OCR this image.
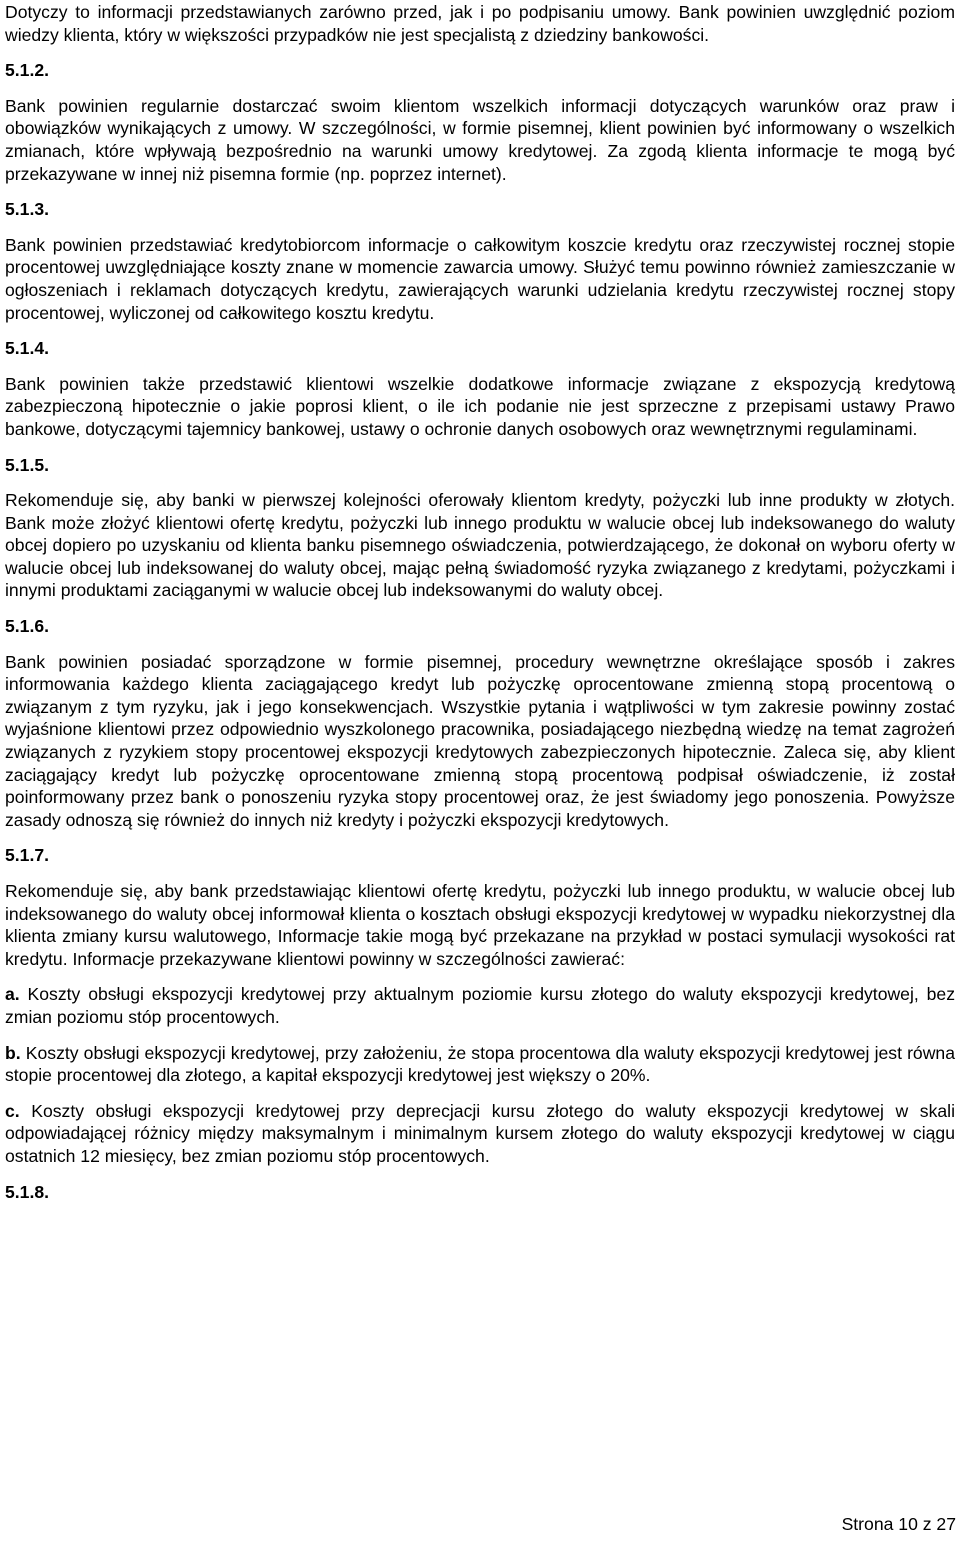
Dotyczy to informacji przedstawianych zarówno przed, jak i po podpisaniu umowy. Bank powinien uwzględnić poziom wiedzy klienta, który w większości przypadków nie jest specjalistą z dziedziny bankowości.

5.1.2.

Bank powinien regularnie dostarczać swoim klientom wszelkich informacji dotyczących warunków oraz praw i obowiązków wynikających z umowy. W szczególności, w formie pisemnej, klient powinien być informowany o wszelkich zmianach, które wpływają bezpośrednio na warunki umowy kredytowej. Za zgodą klienta informacje te mogą być przekazywane w innej niż pisemna formie (np. poprzez internet).

5.1.3.

Bank powinien przedstawiać kredytobiorcom informacje o całkowitym koszcie kredytu oraz rzeczywistej rocznej stopie procentowej uwzględniające koszty znane w momencie zawarcia umowy. Służyć temu powinno również zamieszczanie w ogłoszeniach i reklamach dotyczących kredytu, zawierających warunki udzielania kredytu rzeczywistej rocznej stopy procentowej, wyliczonej od całkowitego kosztu kredytu.

5.1.4.

Bank powinien także przedstawić klientowi wszelkie dodatkowe informacje związane z ekspozycją kredytową zabezpieczoną hipotecznie o jakie poprosi klient, o ile ich podanie nie jest sprzeczne z przepisami ustawy Prawo bankowe, dotyczącymi tajemnicy bankowej, ustawy o ochronie danych osobowych oraz wewnętrznymi regulaminami.

5.1.5.

Rekomenduje się, aby banki w pierwszej kolejności oferowały klientom kredyty, pożyczki lub inne produkty w złotych. Bank może złożyć klientowi ofertę kredytu, pożyczki lub innego produktu w walucie obcej lub indeksowanego do waluty obcej dopiero po uzyskaniu od klienta banku pisemnego oświadczenia, potwierdzającego, że dokonał on wyboru oferty w walucie obcej lub indeksowanej do waluty obcej, mając pełną świadomość ryzyka związanego z kredytami, pożyczkami i innymi produktami zaciąganymi w walucie obcej lub indeksowanymi do waluty obcej.

5.1.6.

Bank powinien posiadać sporządzone w formie pisemnej, procedury wewnętrzne określające sposób i zakres informowania każdego klienta zaciągającego kredyt lub pożyczkę oprocentowane zmienną stopą procentową o związanym z tym ryzyku, jak i jego konsekwencjach. Wszystkie pytania i wątpliwości w tym zakresie powinny zostać wyjaśnione klientowi przez odpowiednio wyszkolonego pracownika, posiadającego niezbędną wiedzę na temat zagrożeń związanych z ryzykiem stopy procentowej ekspozycji kredytowych zabezpieczonych hipotecznie. Zaleca się, aby klient zaciągający kredyt lub pożyczkę oprocentowane zmienną stopą procentową podpisał oświadczenie, iż został poinformowany przez bank o ponoszeniu ryzyka stopy procentowej oraz, że jest świadomy jego ponoszenia. Powyższe zasady odnoszą się również do innych niż kredyty i pożyczki ekspozycji kredytowych.

5.1.7.

Rekomenduje się, aby bank przedstawiając klientowi ofertę kredytu, pożyczki lub innego produktu, w walucie obcej lub indeksowanego do waluty obcej informował klienta o kosztach obsługi ekspozycji kredytowej w wypadku niekorzystnej dla klienta zmiany kursu walutowego, Informacje takie mogą być przekazane na przykład w postaci symulacji wysokości rat kredytu. Informacje przekazywane klientowi powinny w szczególności zawierać:

a. Koszty obsługi ekspozycji kredytowej przy aktualnym poziomie kursu złotego do waluty ekspozycji kredytowej, bez zmian poziomu stóp procentowych.

b. Koszty obsługi ekspozycji kredytowej, przy założeniu, że stopa procentowa dla waluty ekspozycji kredytowej jest równa stopie procentowej dla złotego, a kapitał ekspozycji kredytowej jest większy o 20%.

c. Koszty obsługi ekspozycji kredytowej przy deprecjacji kursu złotego do waluty ekspozycji kredytowej w skali odpowiadającej różnicy między maksymalnym i minimalnym kursem złotego do waluty ekspozycji kredytowej w ciągu ostatnich 12 miesięcy, bez zmian poziomu stóp procentowych.

5.1.8.
Strona 10 z 27
